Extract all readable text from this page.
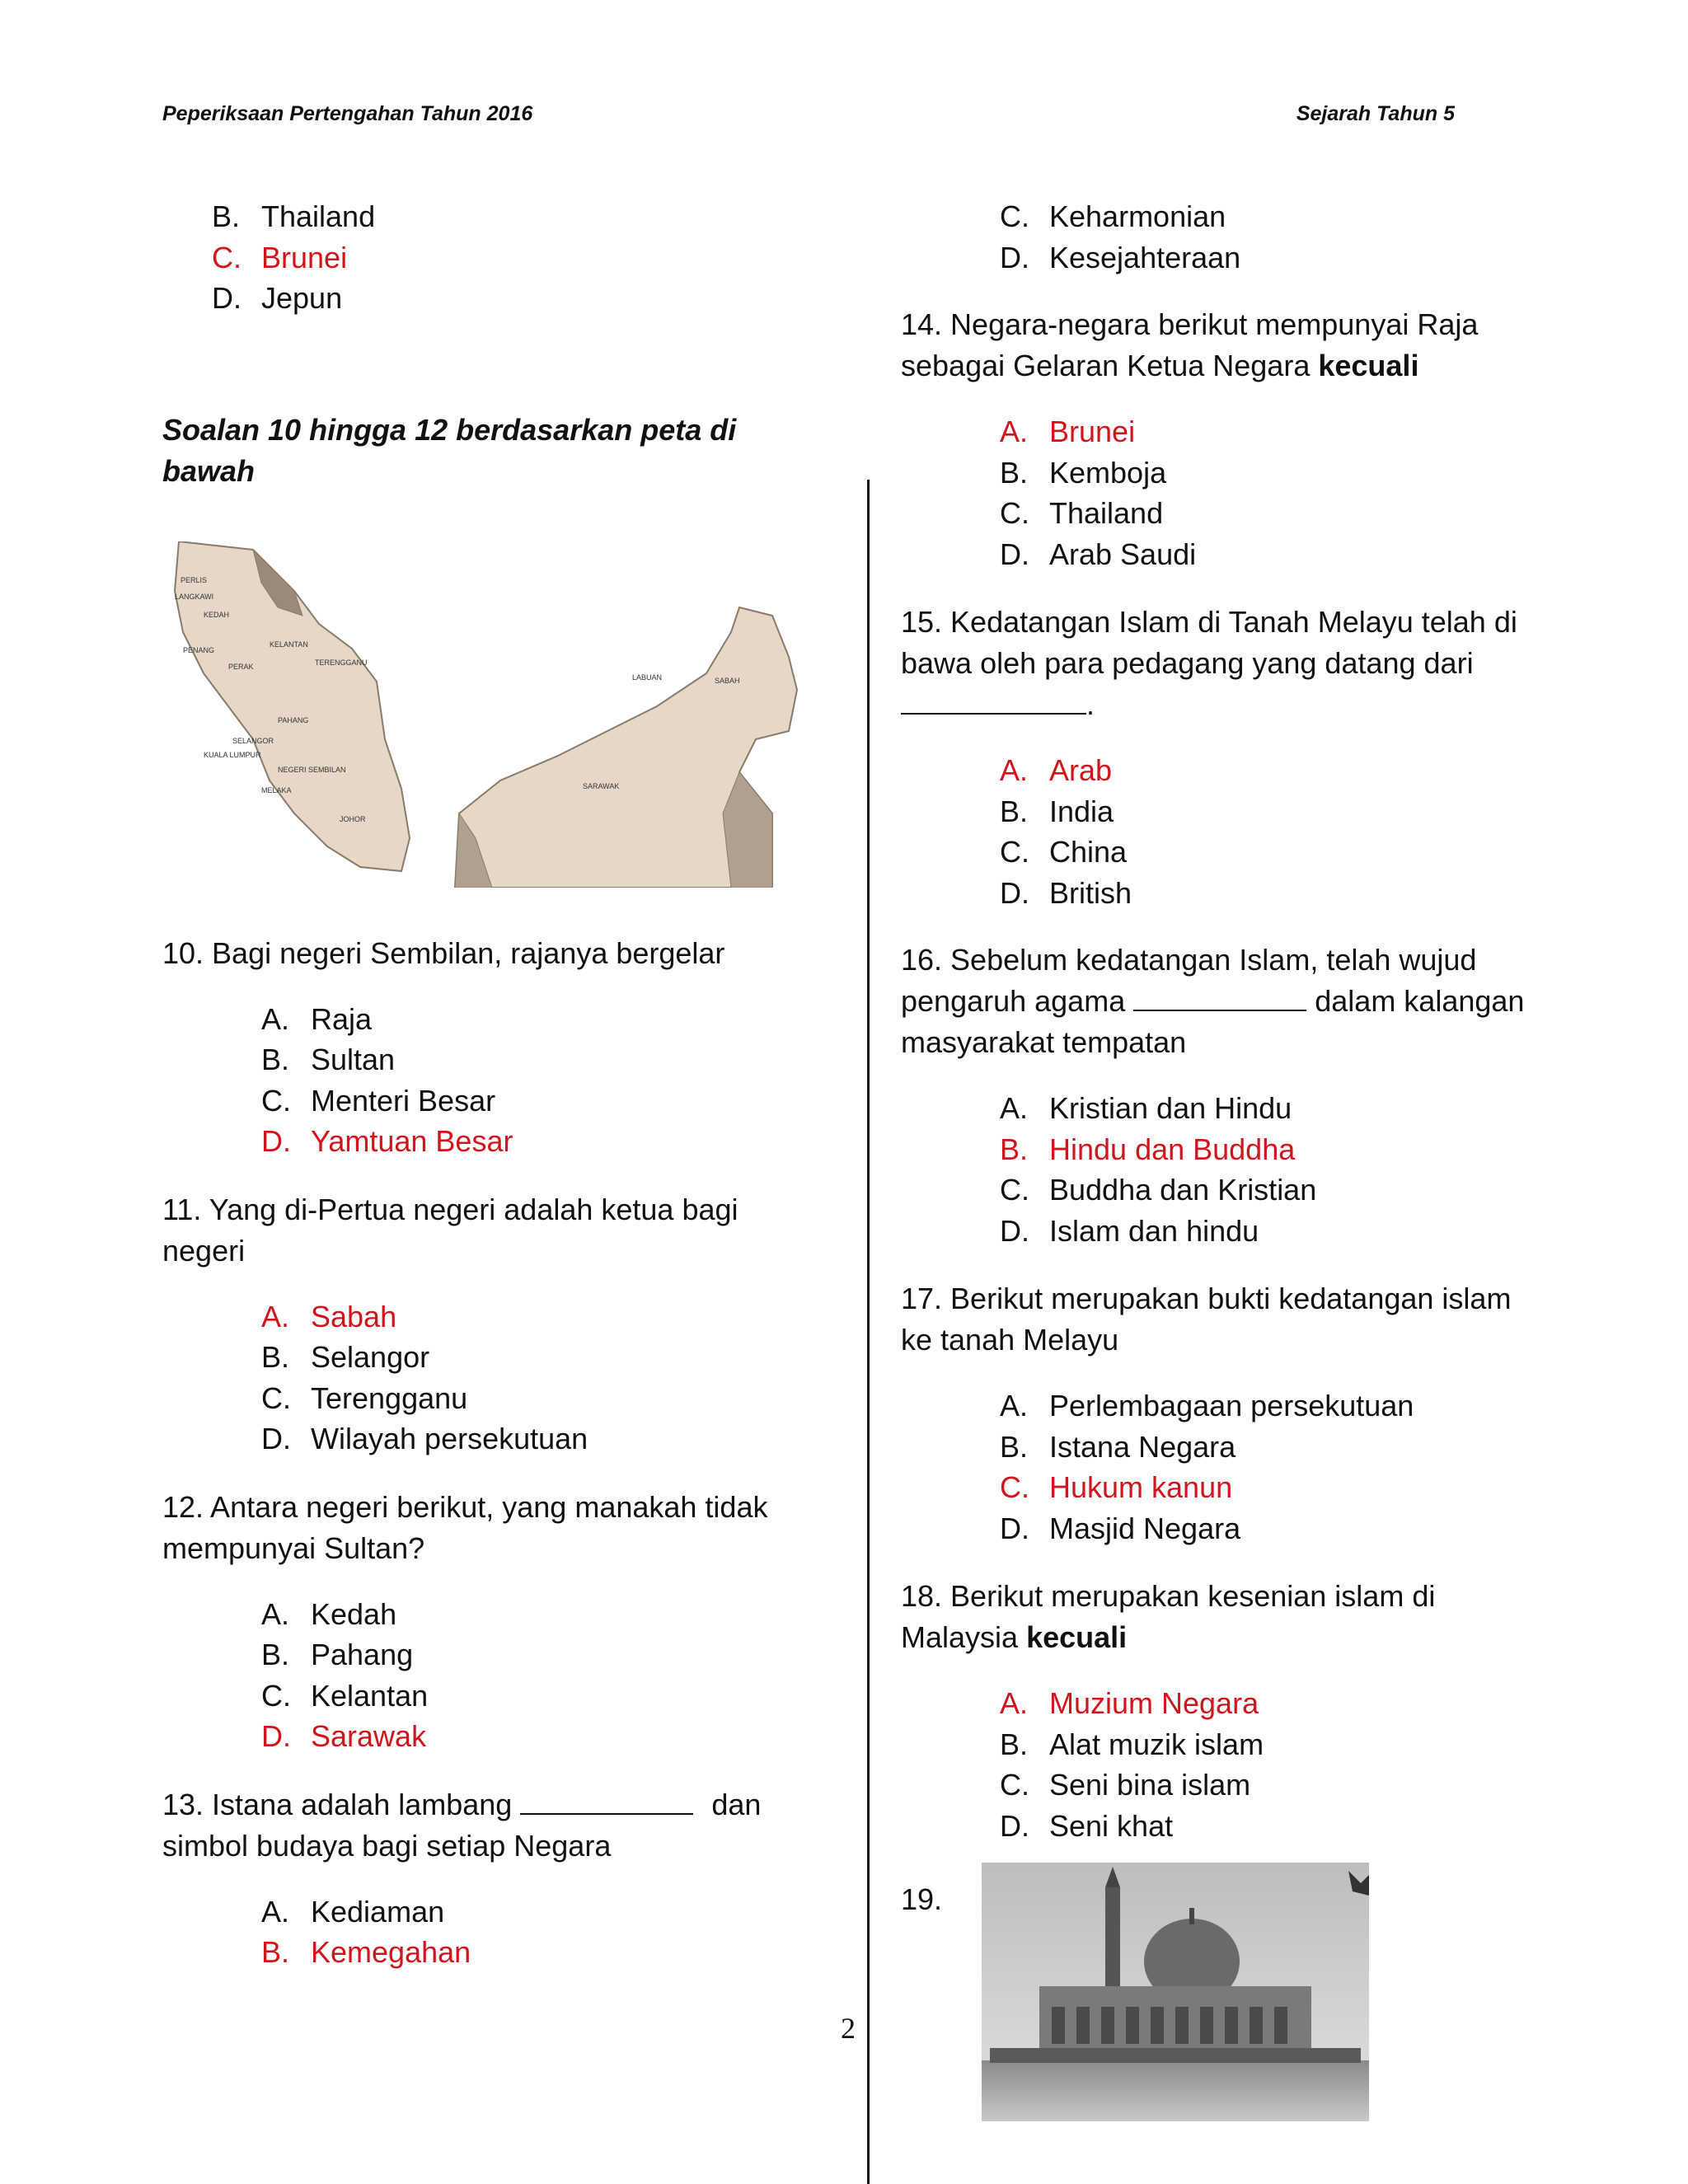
Peperiksaan Pertengahan Tahun 2016	Sejarah Tahun 5
2
B. Thailand
C. Brunei
D. Jepun

Soalan 10 hingga 12 berdasarkan peta di bawah

PERLIS
LANGKAWI
KEDAH
KELANTAN
PENANG
PERAK	TERENGGANU
PAHANG
SELANGOR
KUALA LUMPUR
NEGERI SEMBILAN
MELAKA
JOHOR
LABUAN	SABAH
SARAWAK

10. Bagi negeri Sembilan, rajanya bergelar

A. Raja
B. Sultan
C. Menteri Besar
D. Yamtuan Besar

11. Yang di-Pertua negeri adalah ketua bagi negeri

A. Sabah
B. Selangor
C. Terengganu
D. Wilayah persekutuan

12. Antara negeri berikut, yang manakah tidak mempunyai Sultan?

A. Kedah
B. Pahang
C. Kelantan
D. Sarawak

13. Istana adalah lambang	dan
simbol budaya bagi setiap Negara

A. Kediaman
B. Kemegahan
C. Keharmonian
D. Kesejahteraan

14. Negara-negara berikut mempunyai Raja sebagai Gelaran Ketua Negara kecuali

A. Brunei
B. Kemboja
C. Thailand
D. Arab Saudi

15. Kedatangan Islam di Tanah Melayu telah di bawa oleh para pedagang yang datang dari
.

A. Arab
B. India
C. China
D. British

16. Sebelum kedatangan Islam, telah wujud pengaruh agama	dalam kalangan masyarakat tempatan

A. Kristian dan Hindu
B. Hindu dan Buddha
C. Buddha dan Kristian
D. Islam dan hindu

17. Berikut merupakan bukti kedatangan islam ke tanah Melayu

A. Perlembagaan persekutuan
B. Istana Negara
C. Hukum kanun
D. Masjid Negara

18. Berikut merupakan kesenian islam di Malaysia kecuali

A. Muzium Negara
B. Alat muzik islam
C. Seni bina islam
D. Seni khat

19.
